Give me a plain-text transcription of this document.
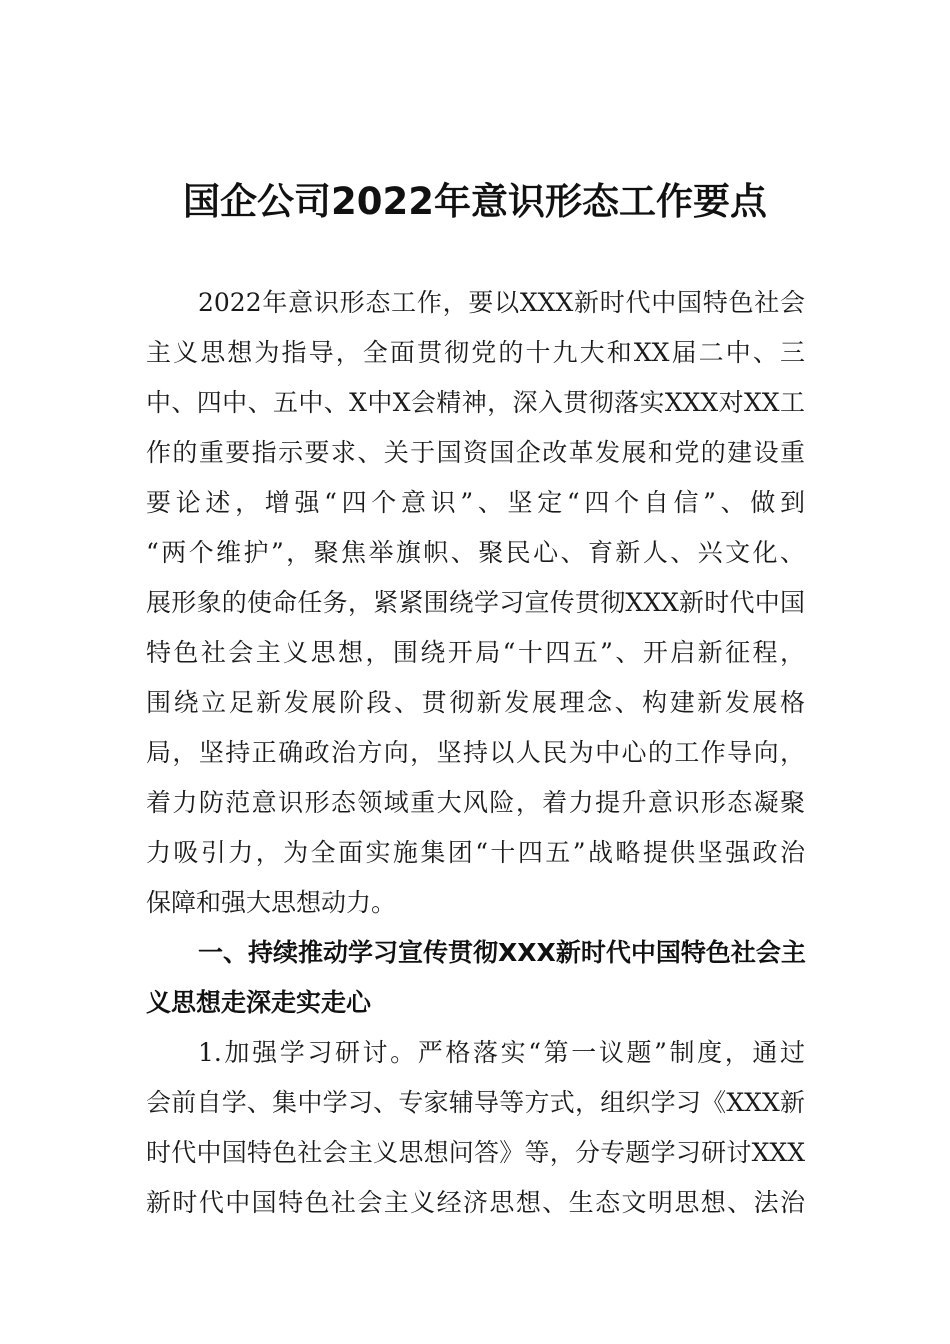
国企公司2022年意识形态工作要点
2022年意识形态工作，要以XXX新时代中国特色社会
主义思想为指导，全面贯彻党的十九大和XX届二中、三
中、四中、五中、X中X会精神，深入贯彻落实XXX对XX工
作的重要指示要求、关于国资国企改革发展和党的建设重
要论述，增强“四个意识”、坚定“四个自信”、做到
“两个维护”，聚焦举旗帜、聚民心、育新人、兴文化、
展形象的使命任务，紧紧围绕学习宣传贯彻XXX新时代中国
特色社会主义思想，围绕开局“十四五”、开启新征程，
围绕立足新发展阶段、贯彻新发展理念、构建新发展格
局，坚持正确政治方向，坚持以人民为中心的工作导向，
着力防范意识形态领域重大风险，着力提升意识形态凝聚
力吸引力，为全面实施集团“十四五”战略提供坚强政治
保障和强大思想动力。
一、持续推动学习宣传贯彻XXX新时代中国特色社会主
义思想走深走实走心
1.加强学习研讨。严格落实“第一议题”制度，通过
会前自学、集中学习、专家辅导等方式，组织学习《XXX新
时代中国特色社会主义思想问答》等，分专题学习研讨XXX
新时代中国特色社会主义经济思想、生态文明思想、法治
